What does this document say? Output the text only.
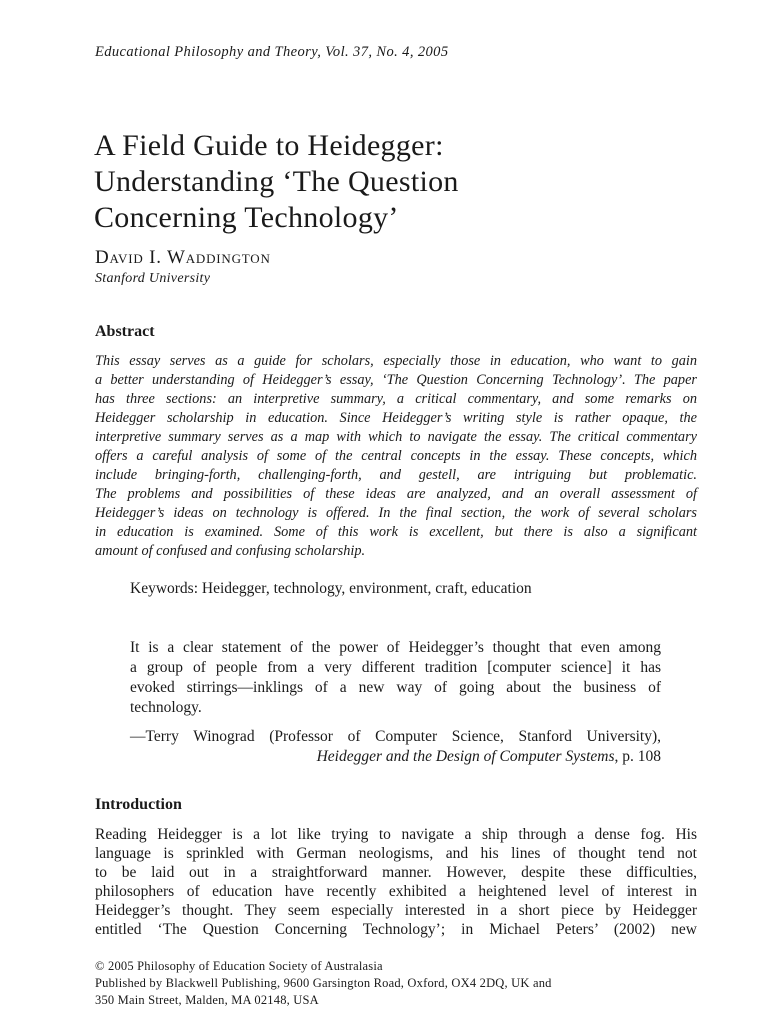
Educational Philosophy and Theory, Vol. 37, No. 4, 2005
A Field Guide to Heidegger:
Understanding ‘The Question
Concerning Technology’
David I. Waddington
Stanford University
Abstract
This essay serves as a guide for scholars, especially those in education, who want to gain
a better understanding of Heidegger’s essay, ‘The Question Concerning Technology’. The paper
has three sections: an interpretive summary, a critical commentary, and some remarks on
Heidegger scholarship in education. Since Heidegger’s writing style is rather opaque, the
interpretive summary serves as a map with which to navigate the essay. The critical commentary
offers a careful analysis of some of the central concepts in the essay. These concepts, which
include bringing-forth, challenging-forth, and gestell, are intriguing but problematic.
The problems and possibilities of these ideas are analyzed, and an overall assessment of
Heidegger’s ideas on technology is offered. In the final section, the work of several scholars
in education is examined. Some of this work is excellent, but there is also a significant
amount of confused and confusing scholarship.
Keywords: Heidegger, technology, environment, craft, education
It is a clear statement of the power of Heidegger’s thought that even among
a group of people from a very different tradition [computer science] it has
evoked stirrings—inklings of a new way of going about the business of
technology.
—Terry Winograd (Professor of Computer Science, Stanford University),
Heidegger and the Design of Computer Systems, p. 108
Introduction
Reading Heidegger is a lot like trying to navigate a ship through a dense fog. His
language is sprinkled with German neologisms, and his lines of thought tend not
to be laid out in a straightforward manner. However, despite these difficulties,
philosophers of education have recently exhibited a heightened level of interest in
Heidegger’s thought. They seem especially interested in a short piece by Heidegger
entitled ‘The Question Concerning Technology’; in Michael Peters’ (2002) new
© 2005 Philosophy of Education Society of Australasia
Published by Blackwell Publishing, 9600 Garsington Road, Oxford, OX4 2DQ, UK and
350 Main Street, Malden, MA 02148, USA
